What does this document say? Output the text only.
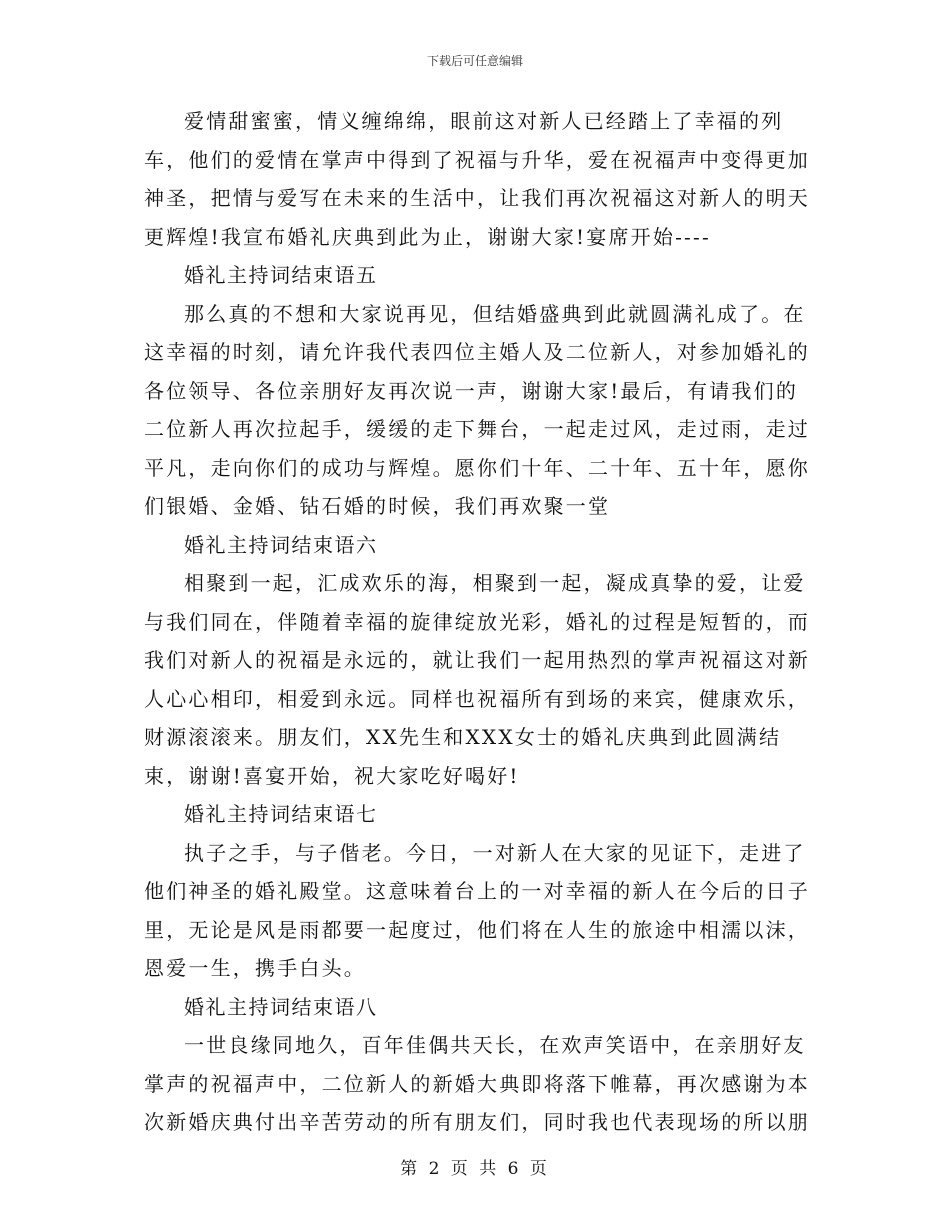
下载后可任意编辑

爱情甜蜜蜜，情义缠绵绵，眼前这对新人已经踏上了幸福的列车，他们的爱情在掌声中得到了祝福与升华，爱在祝福声中变得更加神圣，把情与爱写在未来的生活中，让我们再次祝福这对新人的明天更辉煌!我宣布婚礼庆典到此为止，谢谢大家!宴席开始----

婚礼主持词结束语五

那么真的不想和大家说再见，但结婚盛典到此就圆满礼成了。在这幸福的时刻，请允许我代表四位主婚人及二位新人，对参加婚礼的各位领导、各位亲朋好友再次说一声，谢谢大家!最后，有请我们的二位新人再次拉起手，缓缓的走下舞台，一起走过风，走过雨，走过平凡，走向你们的成功与辉煌。愿你们十年、二十年、五十年，愿你们银婚、金婚、钻石婚的时候，我们再欢聚一堂

婚礼主持词结束语六

相聚到一起，汇成欢乐的海，相聚到一起，凝成真挚的爱，让爱与我们同在，伴随着幸福的旋律绽放光彩，婚礼的过程是短暂的，而我们对新人的祝福是永远的，就让我们一起用热烈的掌声祝福这对新人心心相印，相爱到永远。同样也祝福所有到场的来宾，健康欢乐，财源滚滚来。朋友们，XX先生和XXX女士的婚礼庆典到此圆满结束，谢谢!喜宴开始，祝大家吃好喝好!

婚礼主持词结束语七

执子之手，与子偕老。今日，一对新人在大家的见证下，走进了他们神圣的婚礼殿堂。这意味着台上的一对幸福的新人在今后的日子里，无论是风是雨都要一起度过，他们将在人生的旅途中相濡以沫，恩爱一生，携手白头。

婚礼主持词结束语八

一世良缘同地久，百年佳偶共天长，在欢声笑语中，在亲朋好友掌声的祝福声中，二位新人的新婚大典即将落下帷幕，再次感谢为本次新婚庆典付出辛苦劳动的所有朋友们，同时我也代表现场的所以朋

第 2 页 共 6 页
